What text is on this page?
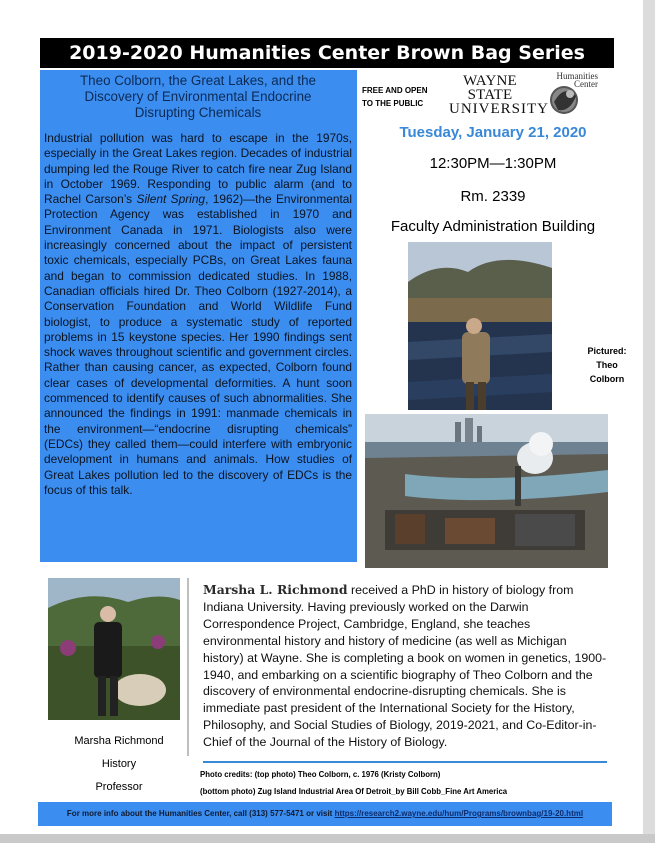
2019-2020 Humanities Center Brown Bag Series
Theo Colborn, the Great Lakes, and the Discovery of Environmental Endocrine Disrupting Chemicals
Industrial pollution was hard to escape in the 1970s, especially in the Great Lakes region. Decades of industrial dumping led the Rouge River to catch fire near Zug Island in October 1969. Responding to public alarm (and to Rachel Carson’s Silent Spring, 1962)—the Environmental Protection Agency was established in 1970 and Environment Canada in 1971. Biologists also were increasingly concerned about the impact of persistent toxic chemicals, especially PCBs, on Great Lakes fauna and began to commission dedicated studies. In 1988, Canadian officials hired Dr. Theo Colborn (1927-2014), a Conservation Foundation and World Wildlife Fund biologist, to produce a systematic study of reported problems in 15 keystone species. Her 1990 findings sent shock waves throughout scientific and government circles. Rather than causing cancer, as expected, Colborn found clear cases of developmental deformities. A hunt soon commenced to identify causes of such abnormalities. She announced the findings in 1991: manmade chemicals in the environment—“endocrine disrupting chemicals” (EDCs) they called them—could interfere with embryonic development in humans and animals. How studies of Great Lakes pollution led to the discovery of EDCs is the focus of this talk.
FREE AND OPEN
TO THE PUBLIC
WAYNE STATE
UNIVERSITY
Humanities
Center
Tuesday, January 21, 2020
12:30PM—1:30PM
Rm. 2339
Faculty Administration Building
Pictured:
Theo
Colborn
Marsha Richmond
History
Professor
Marsha L. Richmond received a PhD in history of biology from Indiana University. Having previously worked on the Darwin Correspondence Project, Cambridge, England, she teaches environmental history and history of medicine (as well as Michigan history) at Wayne. She is completing a book on women in genetics, 1900-1940, and embarking on a scientific biography of Theo Colborn and the discovery of environmental endocrine-disrupting chemicals. She is immediate past president of the International Society for the History, Philosophy, and Social Studies of Biology, 2019-2021, and Co-Editor-in-Chief of the Journal of the History of Biology.
Photo credits: (top photo) Theo Colborn, c. 1976 (Kristy Colborn)
(bottom photo) Zug Island Industrial Area Of Detroit_by Bill Cobb_Fine Art America
For more info about the Humanities Center, call (313) 577-5471 or visit https://research2.wayne.edu/hum/Programs/brownbag/19-20.html
